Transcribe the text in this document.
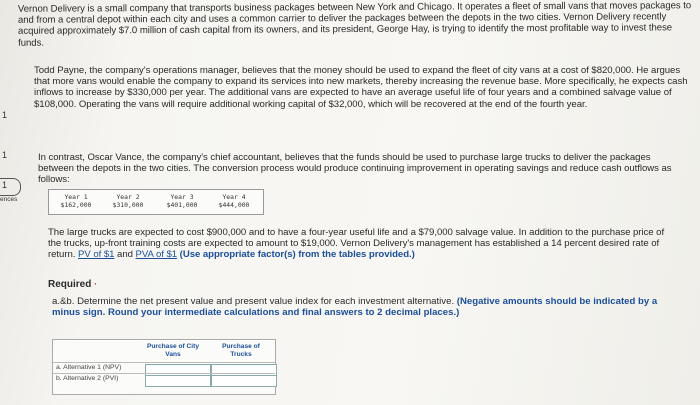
1
1
1
ences
Vernon Delivery is a small company that transports business packages between New York and Chicago. It operates a fleet of small vans that moves packages to and from a central depot within each city and uses a common carrier to deliver the packages between the depots in the two cities. Vernon Delivery recently acquired approximately $7.0 million of cash capital from its owners, and its president, George Hay, is trying to identify the most profitable way to invest these funds.
Todd Payne, the company's operations manager, believes that the money should be used to expand the fleet of city vans at a cost of $820,000. He argues that more vans would enable the company to expand its services into new markets, thereby increasing the revenue base. More specifically, he expects cash inflows to increase by $330,000 per year. The additional vans are expected to have an average useful life of four years and a combined salvage value of $108,000. Operating the vans will require additional working capital of $32,000, which will be recovered at the end of the fourth year.
In contrast, Oscar Vance, the company's chief accountant, believes that the funds should be used to purchase large trucks to deliver the packages between the depots in the two cities. The conversion process would produce continuing improvement in operating savings and reduce cash outflows as follows:
Year 1
$162,000
Year 2
$310,000
Year 3
$401,000
Year 4
$444,000
The large trucks are expected to cost $900,000 and to have a four-year useful life and a $79,000 salvage value. In addition to the purchase price of the trucks, up-front training costs are expected to amount to $19,000. Vernon Delivery's management has established a 14 percent desired rate of return. PV of $1 and PVA of $1 (Use appropriate factor(s) from the tables provided.)
Required ·
a.&b. Determine the net present value and present value index for each investment alternative. (Negative amounts should be indicated by a minus sign. Round your intermediate calculations and final answers to 2 decimal places.)
Purchase of City Vans
Purchase of Trucks
a. Alternative 1 (NPV)
b. Alternative 2 (PVI)
